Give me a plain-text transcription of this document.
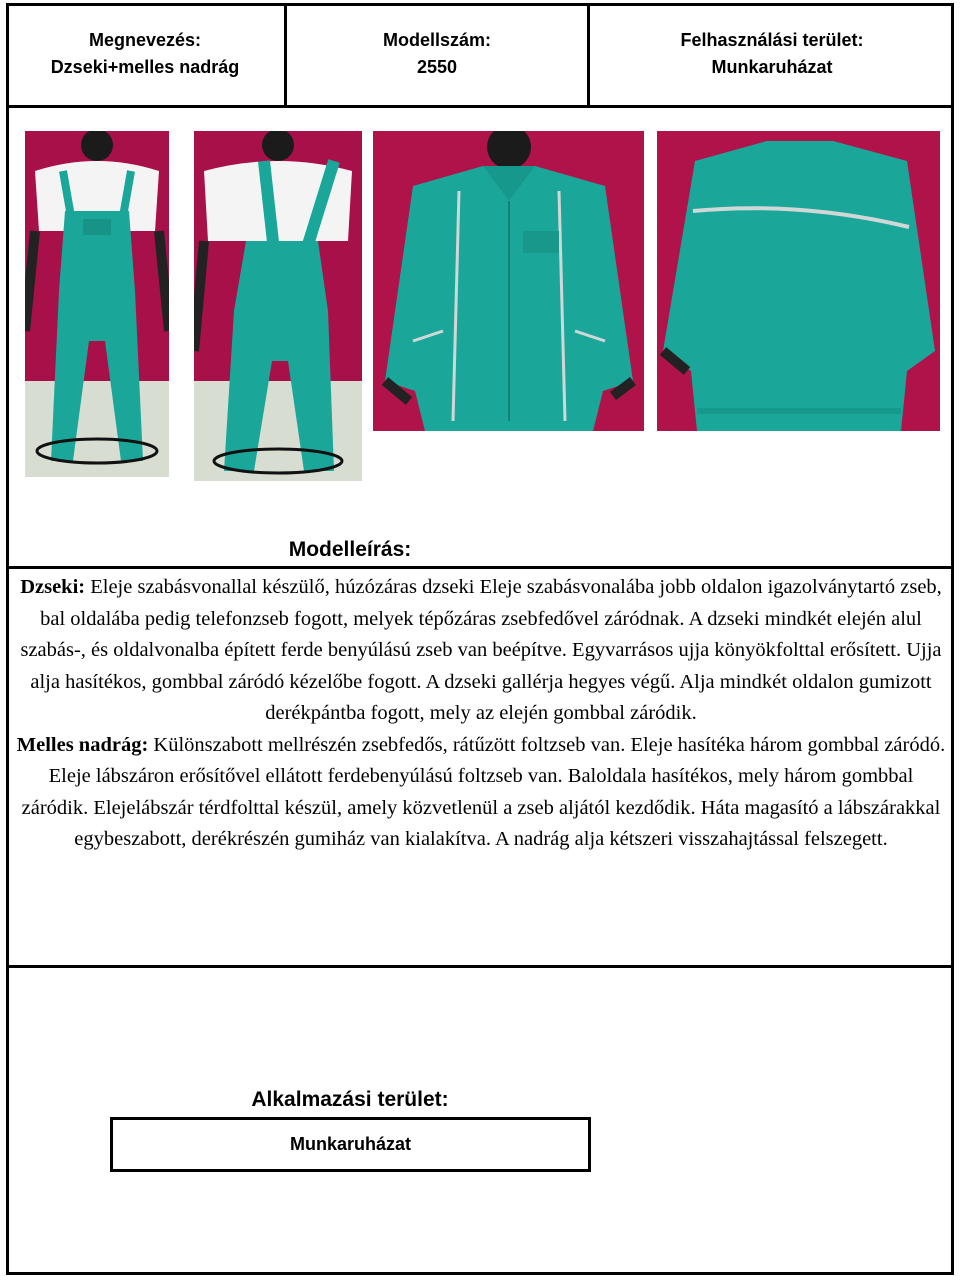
Megnevezés:
Dzseki+melles nadrág
Modellszám:
2550
Felhasználási terület:
Munkaruházat
Modelleírás:

Dzseki: Eleje szabásvonallal készülő, húzózáras dzseki Eleje szabásvonalába jobb oldalon igazolványtartó zseb, bal oldalába pedig telefonzseb fogott, melyek tépőzáras zsebfedővel záródnak. A dzseki mindkét elején alul szabás-, és oldalvonalba épített ferde benyúlású zseb van beépítve. Egyvarrásos ujja könyökfolttal erősített. Ujja alja hasítékos, gombbal záródó kézelőbe fogott. A dzseki gallérja hegyes végű. Alja mindkét oldalon gumizott derékpántba fogott, mely az elején gombbal záródik.

Melles nadrág: Különszabott mellrészén zsebfedős, rátűzött foltzseb van. Eleje hasítéka három gombbal záródó. Eleje lábszáron erősítővel ellátott ferdebenyúlású foltzseb van. Baloldala hasítékos, mely három gombbal záródik. Elejelábszár térdfolttal készül, amely közvetlenül a zseb aljától kezdődik. Háta magasító a lábszárakkal egybeszabott, derékrészén gumiház van kialakítva. A nadrág alja kétszeri visszahajtással felszegett.

Alkalmazási terület:
Munkaruházat
